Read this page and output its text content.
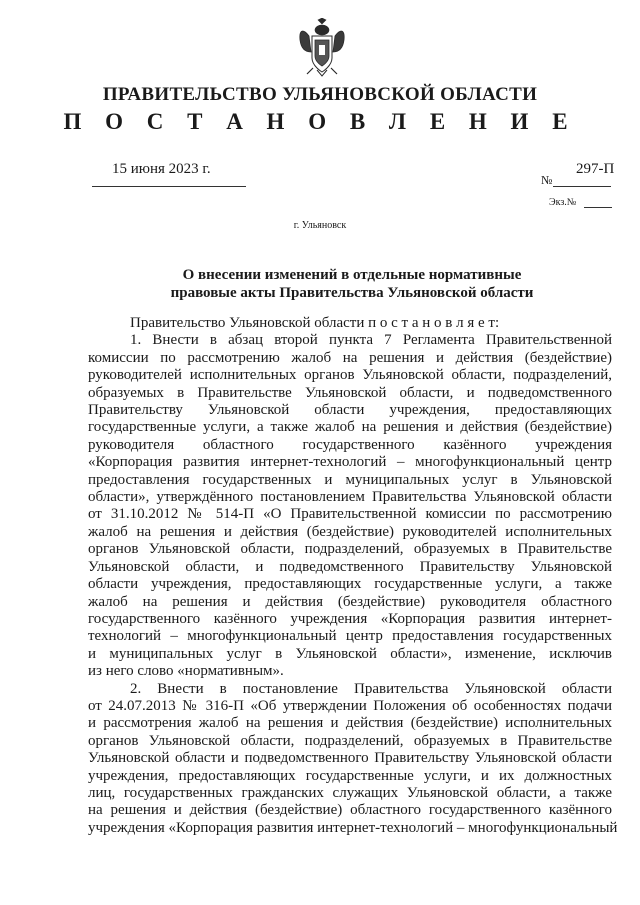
ПРАВИТЕЛЬСТВО УЛЬЯНОВСКОЙ ОБЛАСТИ
П О С Т А Н О В Л Е Н И Е
15 июня 2023 г.	297-П
№
Экз.№
г. Ульяновск
О внесении изменений в отдельные нормативные
правовые акты Правительства Ульяновской области
Правительство Ульяновской области п о с т а н о в л я е т:
1. Внести в абзац второй пункта 7 Регламента Правительственной
комиссии по рассмотрению жалоб на решения и действия (бездействие)
руководителей исполнительных органов Ульяновской области, подразделений,
образуемых в Правительстве Ульяновской области, и подведомственного
Правительству Ульяновской области учреждения, предоставляющих
государственные услуги, а также жалоб на решения и действия (бездействие)
руководителя областного государственного казённого учреждения
«Корпорация развития интернет-технологий – многофункциональный центр
предоставления государственных и муниципальных услуг в Ульяновской
области», утверждённого постановлением Правительства Ульяновской области
от 31.10.2012 № 514-П «О Правительственной комиссии по рассмотрению
жалоб на решения и действия (бездействие) руководителей исполнительных
органов Ульяновской области, подразделений, образуемых в Правительстве
Ульяновской области, и подведомственного Правительству Ульяновской
области учреждения, предоставляющих государственные услуги, а также
жалоб на решения и действия (бездействие) руководителя областного
государственного казённого учреждения «Корпорация развития интернет-
технологий – многофункциональный центр предоставления государственных
и муниципальных услуг в Ульяновской области», изменение, исключив
из него слово «нормативным».
2. Внести в постановление Правительства Ульяновской области
от 24.07.2013 № 316-П «Об утверждении Положения об особенностях подачи
и рассмотрения жалоб на решения и действия (бездействие) исполнительных
органов Ульяновской области, подразделений, образуемых в Правительстве
Ульяновской области и подведомственного Правительству Ульяновской области
учреждения, предоставляющих государственные услуги, и их должностных
лиц, государственных гражданских служащих Ульяновской области, а также
на решения и действия (бездействие) областного государственного казённого
учреждения «Корпорация развития интернет-технологий – многофункциональный
